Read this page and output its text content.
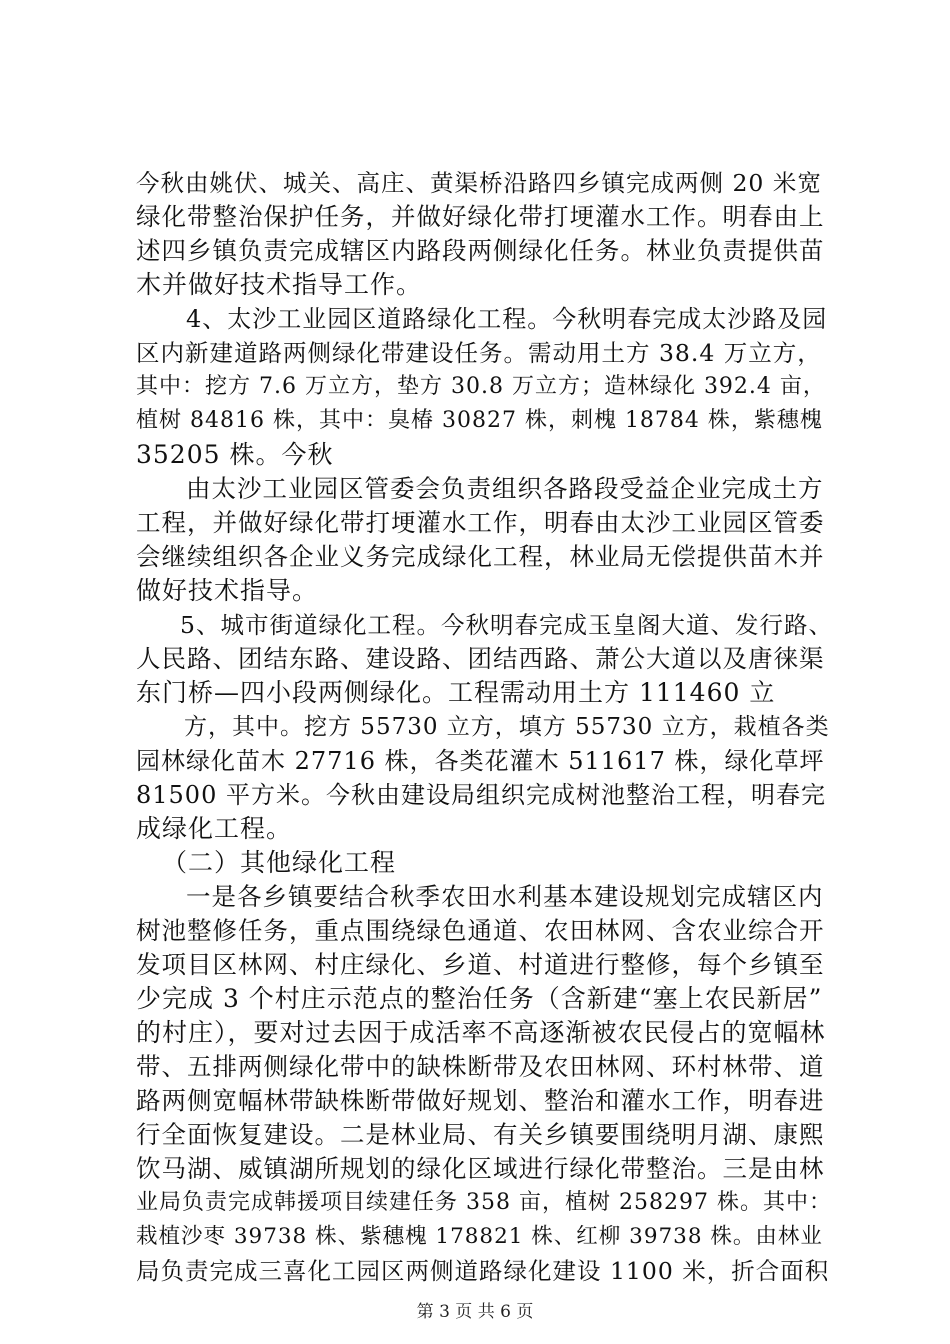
今秋由姚伏、城关、高庄、黄渠桥沿路四乡镇完成两侧 20 米宽
绿化带整治保护任务，并做好绿化带打埂灌水工作。明春由上
述四乡镇负责完成辖区内路段两侧绿化任务。林业负责提供苗
木并做好技术指导工作。
4、太沙工业园区道路绿化工程。今秋明春完成太沙路及园
区内新建道路两侧绿化带建设任务。需动用土方 38.4 万立方，
其中：挖方 7.6 万立方，垫方 30.8 万立方；造林绿化 392.4 亩，
植树 84816 株，其中：臭椿 30827 株，刺槐 18784 株，紫穗槐
35205 株。今秋
由太沙工业园区管委会负责组织各路段受益企业完成土方
工程，并做好绿化带打埂灌水工作，明春由太沙工业园区管委
会继续组织各企业义务完成绿化工程，林业局无偿提供苗木并
做好技术指导。
5、城市街道绿化工程。今秋明春完成玉皇阁大道、发行路、
人民路、团结东路、建设路、团结西路、萧公大道以及唐徕渠
东门桥—四小段两侧绿化。工程需动用土方 111460 立
方，其中。挖方 55730 立方，填方 55730 立方，栽植各类
园林绿化苗木 27716 株，各类花灌木 511617 株，绿化草坪
81500 平方米。今秋由建设局组织完成树池整治工程，明春完
成绿化工程。
（二）其他绿化工程
一是各乡镇要结合秋季农田水利基本建设规划完成辖区内
树池整修任务，重点围绕绿色通道、农田林网、含农业综合开
发项目区林网、村庄绿化、乡道、村道进行整修，每个乡镇至
少完成 3 个村庄示范点的整治任务（含新建“塞上农民新居”
的村庄），要对过去因于成活率不高逐渐被农民侵占的宽幅林
带、五排两侧绿化带中的缺株断带及农田林网、环村林带、道
路两侧宽幅林带缺株断带做好规划、整治和灌水工作，明春进
行全面恢复建设。二是林业局、有关乡镇要围绕明月湖、康熙
饮马湖、威镇湖所规划的绿化区域进行绿化带整治。三是由林
业局负责完成韩援项目续建任务 358 亩，植树 258297 株。其中：
栽植沙枣 39738 株、紫穗槐 178821 株、红柳 39738 株。由林业
局负责完成三喜化工园区两侧道路绿化建设 1100 米，折合面积
第 3 页 共 6 页
